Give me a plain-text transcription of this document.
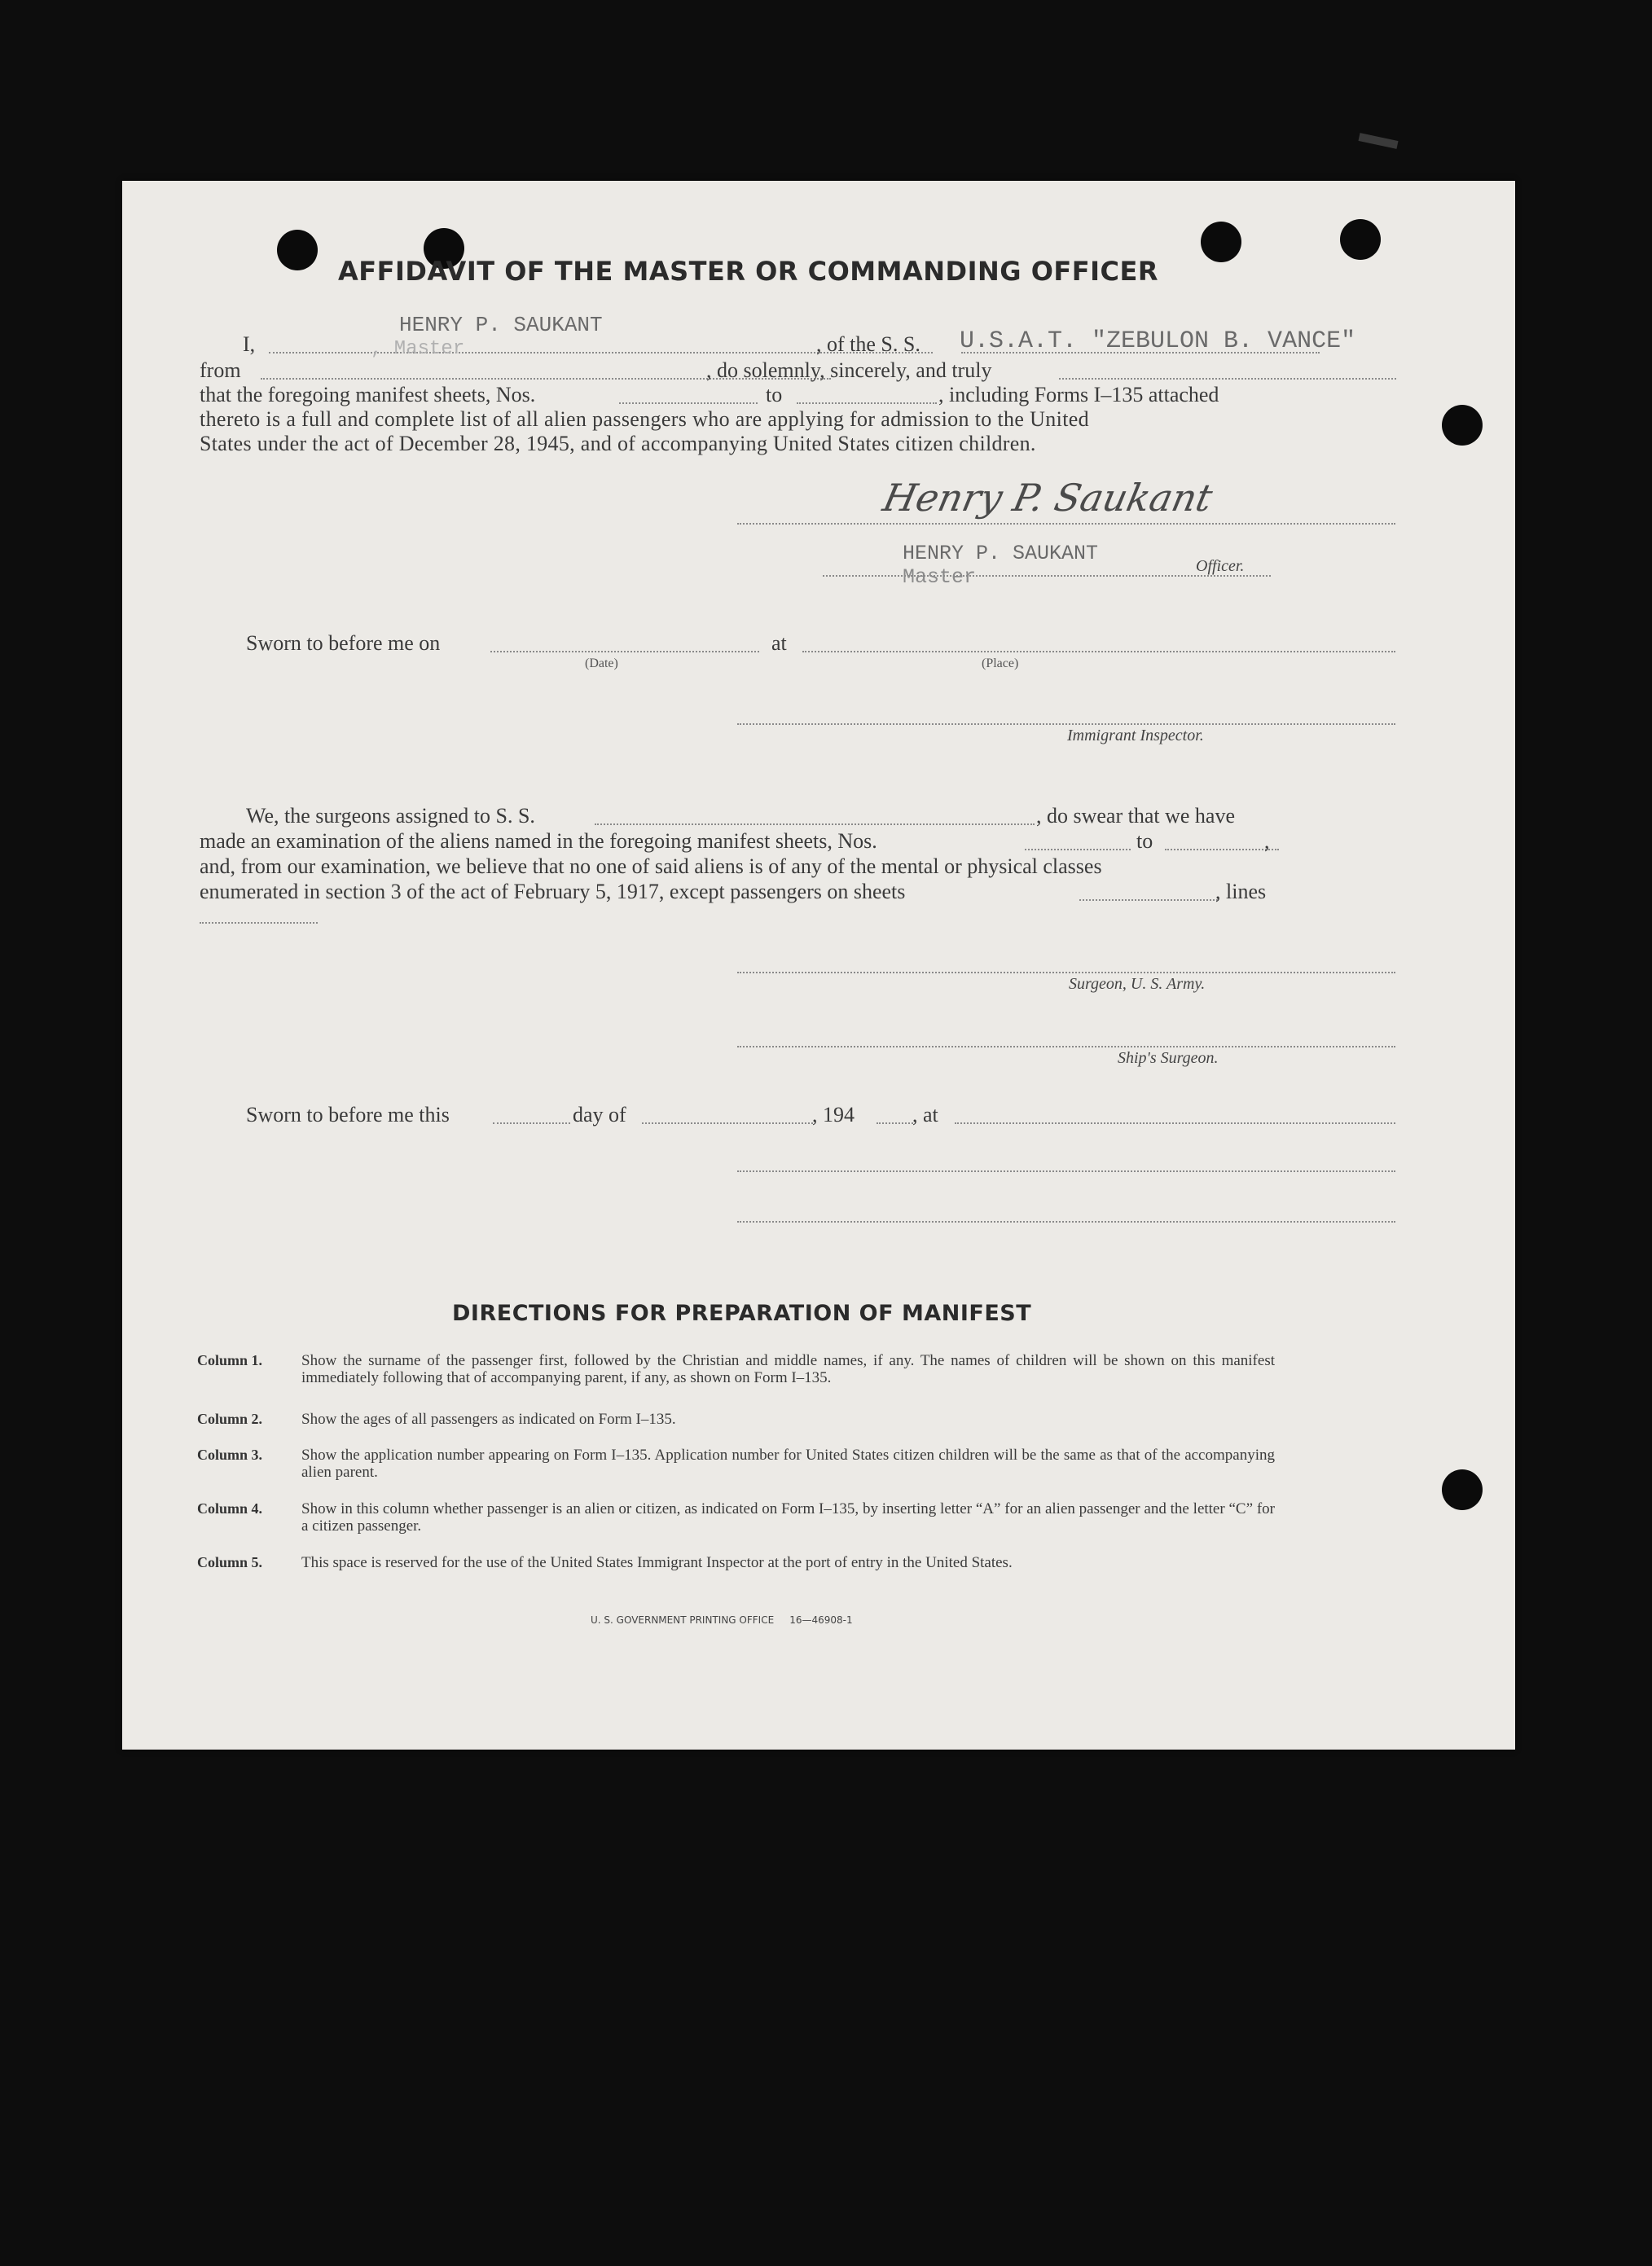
AFFIDAVIT OF THE MASTER OR COMMANDING OFFICER
I,
HENRY P. SAUKANT
, Master	, of the S. S. U.S.A.T. "ZEBULON B. VANCE"
from	, do solemnly, sincerely, and truly
that the foregoing manifest sheets, Nos.	to	, including Forms I–135 attached
thereto is a full and complete list of all alien passengers who are applying for admission to the United
States under the act of December 28, 1945, and of accompanying United States citizen children.
Henry P. Saukant
HENRY P. SAUKANT
Master	Officer.
Sworn to before me on
(Date)
at
(Place)
Immigrant Inspector.
We, the surgeons assigned to S. S.	, do swear that we have
made an examination of the aliens named in the foregoing manifest sheets, Nos.	to	,
and, from our examination, we believe that no one of said aliens is of any of the mental or physical classes
enumerated in section 3 of the act of February 5, 1917, except passengers on sheets	, lines
Surgeon, U. S. Army.
Ship's Surgeon.
Sworn to before me this	day of	, 194	, at
DIRECTIONS FOR PREPARATION OF MANIFEST
Column 1.	Show the surname of the passenger first, followed by the Christian and middle names, if any. The names of children will be shown on this manifest immediately following that of accompanying parent, if any, as shown on Form I–135.
Column 2.	Show the ages of all passengers as indicated on Form I–135.
Column 3.	Show the application number appearing on Form I–135. Application number for United States citizen children will be the same as that of the accompanying alien parent.
Column 4.	Show in this column whether passenger is an alien or citizen, as indicated on Form I–135, by inserting letter “A” for an alien passenger and the letter “C” for a citizen passenger.
Column 5.	This space is reserved for the use of the United States Immigrant Inspector at the port of entry in the United States.
U. S. GOVERNMENT PRINTING OFFICE     16—46908-1
